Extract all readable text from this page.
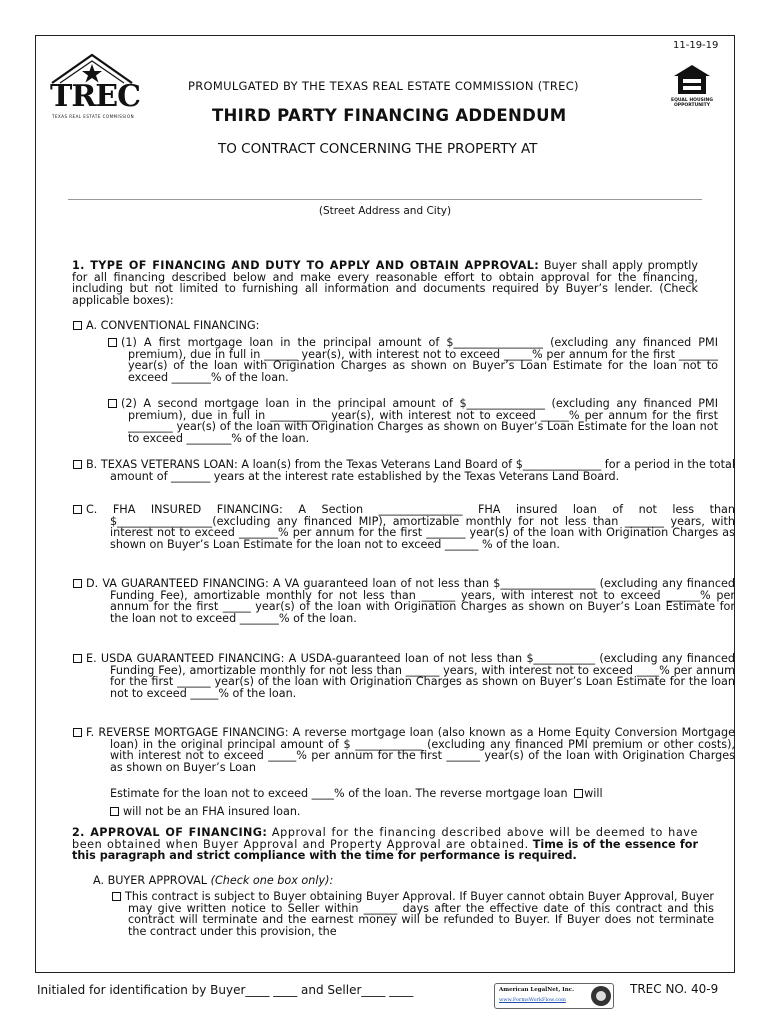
11-19-19
TREC
TEXAS REAL ESTATE COMMISSION
PROMULGATED BY THE TEXAS REAL ESTATE COMMISSION (TREC)
THIRD PARTY FINANCING ADDENDUM
TO CONTRACT CONCERNING THE PROPERTY AT
EQUAL HOUSING OPPORTUNITY
(Street Address and City)
1. TYPE OF FINANCING AND DUTY TO APPLY AND OBTAIN APPROVAL: Buyer shall apply promptly for all financing described below and make every reasonable effort to obtain approval for the financing, including but not limited to furnishing all information and documents required by Buyer’s lender. (Check applicable boxes):
A. CONVENTIONAL FINANCING:
(1) A first mortgage loan in the principal amount of $________________ (excluding any financed PMI premium), due in full in ______ year(s), with interest not to exceed _____% per annum for the first _______ year(s) of the loan with Origination Charges as shown on Buyer’s Loan Estimate for the loan not to exceed _______% of the loan.
(2) A second mortgage loan in the principal amount of $______________ (excluding any financed PMI premium), due in full in __________ year(s), with interest not to exceed _____% per annum for the first ________ year(s) of the loan with Origination Charges as shown on Buyer’s Loan Estimate for the loan not to exceed ________% of the loan.
B. TEXAS VETERANS LOAN: A loan(s) from the Texas Veterans Land Board of $______________ for a period in the total amount of _______ years at the interest rate established by the Texas Veterans Land Board.
C. FHA INSURED FINANCING: A Section _______________ FHA insured loan of not less than $_________________(excluding any financed MIP), amortizable monthly for not less than _______ years, with interest not to exceed _______% per annum for the first _______ year(s) of the loan with Origination Charges as shown on Buyer’s Loan Estimate for the loan not to exceed ______ % of the loan.
D. VA GUARANTEED FINANCING: A VA guaranteed loan of not less than $_________________ (excluding any financed Funding Fee), amortizable monthly for not less than ______ years, with interest not to exceed ______% per annum for the first _____ year(s) of the loan with Origination Charges as shown on Buyer’s Loan Estimate for the loan not to exceed _______% of the loan.
E. USDA GUARANTEED FINANCING: A USDA-guaranteed loan of not less than $___________ (excluding any financed Funding Fee), amortizable monthly for not less than ______ years, with interest not to exceed ____% per annum for the first ______ year(s) of the loan with Origination Charges as shown on Buyer’s Loan Estimate for the loan not to exceed _____% of the loan.
F. REVERSE MORTGAGE FINANCING: A reverse mortgage loan (also known as a Home Equity Conversion Mortgage loan) in the original principal amount of $ ____________ (excluding any financed PMI premium or other costs), with interest not to exceed _____% per annum for the first ______ year(s) of the loan with Origination Charges as shown on Buyer’s Loan
Estimate for the loan not to exceed ____% of the loan. The reverse mortgage loan will
will not be an FHA insured loan.
2. APPROVAL OF FINANCING: Approval for the financing described above will be deemed to have been obtained when Buyer Approval and Property Approval are obtained. Time is of the essence for this paragraph and strict compliance with the time for performance is required.
A. BUYER APPROVAL (Check one box only):
This contract is subject to Buyer obtaining Buyer Approval. If Buyer cannot obtain Buyer Approval, Buyer may give written notice to Seller within ______ days after the effective date of this contract and this contract will terminate and the earnest money will be refunded to Buyer. If Buyer does not terminate the contract under this provision, the
Initialed for identification by Buyer____ ____ and Seller____ ____	American LegalNet, Inc.
www.FormsWorkFlow.com
TREC NO. 40-9
